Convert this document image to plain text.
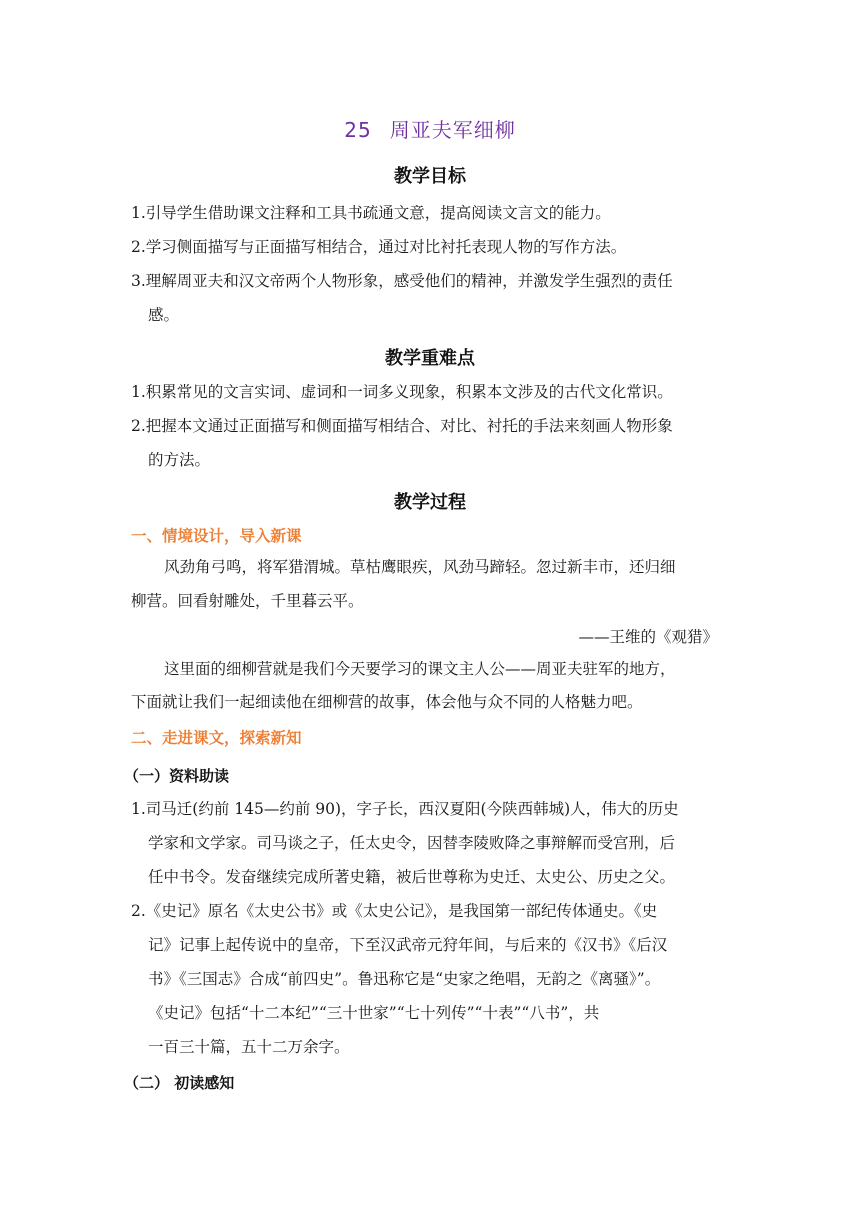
25 周亚夫军细柳
教学目标
1.引导学生借助课文注释和工具书疏通文意，提高阅读文言文的能力。
2.学习侧面描写与正面描写相结合，通过对比衬托表现人物的写作方法。
3.理解周亚夫和汉文帝两个人物形象，感受他们的精神，并激发学生强烈的责任
感。
教学重难点
1.积累常见的文言实词、虚词和一词多义现象，积累本文涉及的古代文化常识。
2.把握本文通过正面描写和侧面描写相结合、对比、衬托的手法来刻画人物形象
的方法。
教学过程
一、情境设计，导入新课
风劲角弓鸣，将军猎渭城。草枯鹰眼疾，风劲马蹄轻。忽过新丰市，还归细
柳营。回看射雕处，千里暮云平。
——王维的《观猎》
这里面的细柳营就是我们今天要学习的课文主人公——周亚夫驻军的地方，
下面就让我们一起细读他在细柳营的故事，体会他与众不同的人格魅力吧。
二、走进课文，探索新知
（一）资料助读
1.司马迁(约前 145—约前 90)，字子长，西汉夏阳(今陕西韩城)人，伟大的历史
学家和文学家。司马谈之子，任太史令，因替李陵败降之事辩解而受宫刑，后
任中书令。发奋继续完成所著史籍，被后世尊称为史迁、太史公、历史之父。
2.《史记》原名《太史公书》或《太史公记》，是我国第一部纪传体通史。《史
记》记事上起传说中的皇帝，下至汉武帝元狩年间，与后来的《汉书》《后汉
书》《三国志》合成“前四史”。鲁迅称它是“史家之绝唱，无韵之《离骚》”。
《史记》包括“十二本纪”“三十世家”“七十列传”“十表”“八书”，共
一百三十篇，五十二万余字。
（二） 初读感知
